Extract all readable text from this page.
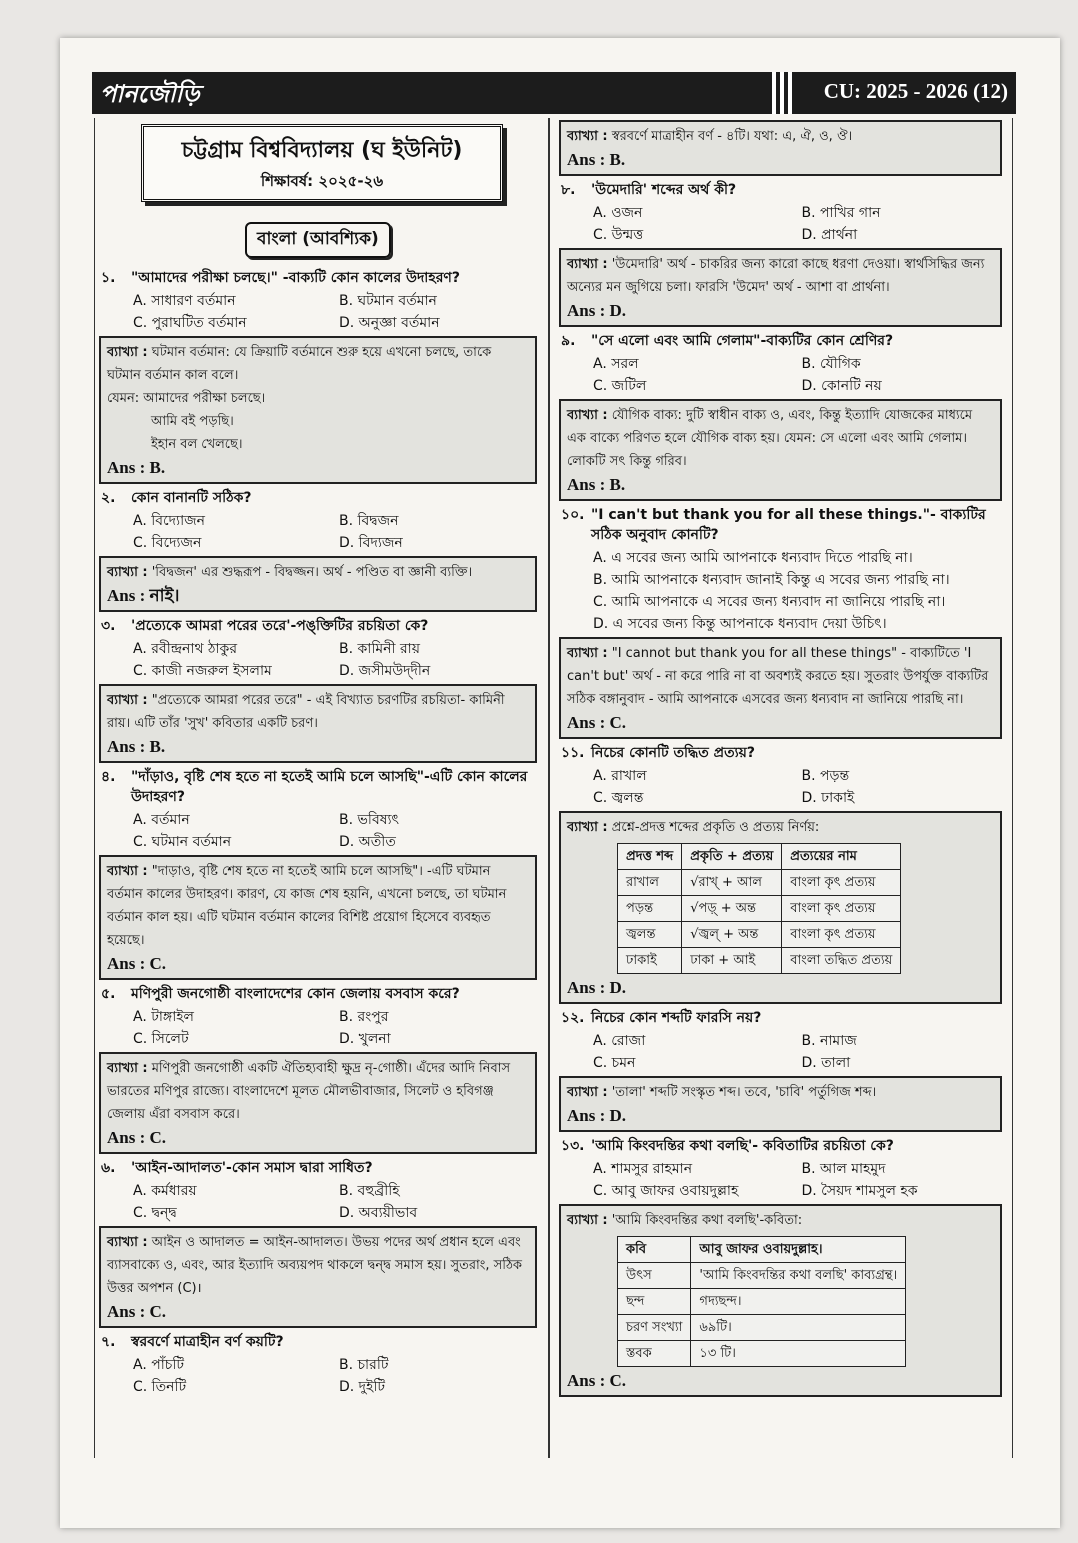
পানজৌড়ি	CU: 2025 - 2026 (12)
চট্টগ্রাম বিশ্ববিদ্যালয় (ঘ ইউনিট)
শিক্ষাবর্ষ: ২০২৫-২৬
বাংলা (আবশ্যিক)
১.	"আমাদের পরীক্ষা চলছে।" -বাক্যটি কোন কালের উদাহরণ?
A. সাধারণ বর্তমান	B. ঘটমান বর্তমান
C. পুরাঘটিত বর্তমান	D. অনুজ্ঞা বর্তমান
ব্যাখ্যা : ঘটমান বর্তমান: যে ক্রিয়াটি বর্তমানে শুরু হয়ে এখনো চলছে, তাকে ঘটমান বর্তমান কাল বলে।
যেমন: আমাদের পরীক্ষা চলছে।
আমি বই পড়ছি।
ইহান বল খেলছে।
Ans : B.
২.	কোন বানানটি সঠিক?
A. বিদ্যোজন	B. বিদ্বজন
C. বিদ্যেজন	D. বিদ্যজন
ব্যাখ্যা : 'বিদ্বজন' এর শুদ্ধরূপ - বিদ্বজ্জন। অর্থ - পণ্ডিত বা জ্ঞানী ব্যক্তি।
Ans : নাই।
৩.	'প্রত্যেকে আমরা পরের তরে'-পঙ্‌ক্তিটির রচয়িতা কে?
A. রবীন্দ্রনাথ ঠাকুর	B. কামিনী রায়
C. কাজী নজরুল ইসলাম	D. জসীমউদ্‌দীন
ব্যাখ্যা : "প্রত্যেকে আমরা পরের তরে" - এই বিখ্যাত চরণটির রচয়িতা- কামিনী রায়। এটি তাঁর 'সুখ' কবিতার একটি চরণ।
Ans : B.
৪.	"দাঁড়াও, বৃষ্টি শেষ হতে না হতেই আমি চলে আসছি"-এটি কোন কালের উদাহরণ?
A. বর্তমান	B. ভবিষ্যৎ
C. ঘটমান বর্তমান	D. অতীত
ব্যাখ্যা : "দাড়াও, বৃষ্টি শেষ হতে না হতেই আমি চলে আসছি"। -এটি ঘটমান বর্তমান কালের উদাহরণ। কারণ, যে কাজ শেষ হয়নি, এখনো চলছে, তা ঘটমান বর্তমান কাল হয়। এটি ঘটমান বর্তমান কালের বিশিষ্ট প্রয়োগ হিসেবে ব্যবহৃত হয়েছে।
Ans : C.
৫.	মণিপুরী জনগোষ্ঠী বাংলাদেশের কোন জেলায় বসবাস করে?
A. টাঙ্গাইল	B. রংপুর
C. সিলেট	D. খুলনা
ব্যাখ্যা : মণিপুরী জনগোষ্ঠী একটি ঐতিহ্যবাহী ক্ষুদ্র নৃ-গোষ্ঠী। এঁদের আদি নিবাস ভারতের মণিপুর রাজ্যে। বাংলাদেশে মূলত মৌলভীবাজার, সিলেট ও হবিগঞ্জ জেলায় এঁরা বসবাস করে।
Ans : C.
৬.	'আইন-আদালত'-কোন সমাস দ্বারা সাধিত?
A. কর্মধারয়	B. বহুব্রীহি
C. দ্বন্দ্ব	D. অব্যয়ীভাব
ব্যাখ্যা : আইন ও আদালত = আইন-আদালত। উভয় পদের অর্থ প্রধান হলে এবং ব্যাসবাক্যে ও, এবং, আর ইত্যাদি অব্যয়পদ থাকলে দ্বন্দ্ব সমাস হয়। সুতরাং, সঠিক উত্তর অপশন (C)।
Ans : C.
৭.	স্বরবর্ণে মাত্রাহীন বর্ণ কয়টি?
A. পাঁচটি	B. চারটি
C. তিনটি	D. দুইটি
ব্যাখ্যা : স্বরবর্ণে মাত্রাহীন বর্ণ - ৪টি। যথা: এ, ঐ, ও, ঔ।
Ans : B.
৮.	'উমেদারি' শব্দের অর্থ কী?
A. ওজন	B. পাখির গান
C. উন্মত্ত	D. প্রার্থনা
ব্যাখ্যা : 'উমেদারি' অর্থ - চাকরির জন্য কারো কাছে ধরণা দেওয়া। স্বার্থসিদ্ধির জন্য অন্যের মন জুগিয়ে চলা। ফারসি 'উমেদ' অর্থ - আশা বা প্রার্থনা।
Ans : D.
৯.	"সে এলো এবং আমি গেলাম"-বাক্যটির কোন শ্রেণির?
A. সরল	B. যৌগিক
C. জটিল	D. কোনটি নয়
ব্যাখ্যা : যৌগিক বাক্য: দুটি স্বাধীন বাক্য ও, এবং, কিন্তু ইত্যাদি যোজকের মাধ্যমে এক বাক্যে পরিণত হলে যৌগিক বাক্য হয়। যেমন: সে এলো এবং আমি গেলাম। লোকটি সৎ কিন্তু গরিব।
Ans : B.
১০. "I can't but thank you for all these things."- বাক্যটির সঠিক অনুবাদ কোনটি?
A. এ সবের জন্য আমি আপনাকে ধন্যবাদ দিতে পারছি না।
B. আমি আপনাকে ধন্যবাদ জানাই কিন্তু এ সবের জন্য পারছি না।
C. আমি আপনাকে এ সবের জন্য ধন্যবাদ না জানিয়ে পারছি না।
D. এ সবের জন্য কিন্তু আপনাকে ধন্যবাদ দেয়া উচিৎ।
ব্যাখ্যা : "I cannot but thank you for all these things" - বাক্যটিতে 'I can't but' অর্থ - না করে পারি না বা অবশ্যই করতে হয়। সুতরাং উপর্যুক্ত বাক্যটির সঠিক বঙ্গানুবাদ - আমি আপনাকে এসবের জন্য ধন্যবাদ না জানিয়ে পারছি না।
Ans : C.
১১. নিচের কোনটি তদ্ধিত প্রত্যয়?
A. রাখাল	B. পড়ন্ত
C. জ্বলন্ত	D. ঢাকাই
ব্যাখ্যা : প্রশ্নে-প্রদত্ত শব্দের প্রকৃতি ও প্রত্যয় নির্ণয়:
প্রদত্ত শব্দ	প্রকৃতি + প্রত্যয়	প্রত্যয়ের নাম
রাখাল	√রাখ্ + আল	বাংলা কৃৎ প্রত্যয়
পড়ন্ত	√পড়্ + অন্ত	বাংলা কৃৎ প্রত্যয়
জ্বলন্ত	√জ্বল্ + অন্ত	বাংলা কৃৎ প্রত্যয়
ঢাকাই	ঢাকা + আই	বাংলা তদ্ধিত প্রত্যয়
Ans : D.
১২. নিচের কোন শব্দটি ফারসি নয়?
A. রোজা	B. নামাজ
C. চমন	D. তালা
ব্যাখ্যা : 'তালা' শব্দটি সংস্কৃত শব্দ। তবে, 'চাবি' পর্তুগিজ শব্দ।
Ans : D.
১৩. 'আমি কিংবদন্তির কথা বলছি'- কবিতাটির রচয়িতা কে?
A. শামসুর রাহমান	B. আল মাহমুদ
C. আবু জাফর ওবায়দুল্লাহ	D. সৈয়দ শামসুল হক
ব্যাখ্যা : 'আমি কিংবদন্তির কথা বলছি'-কবিতা:
কবি	আবু জাফর ওবায়দুল্লাহ।
উৎস	'আমি কিংবদন্তির কথা বলছি' কাব্যগ্রন্থ।
ছন্দ	গদ্যছন্দ।
চরণ সংখ্যা	৬৯টি।
স্তবক	১৩ টি।
Ans : C.
